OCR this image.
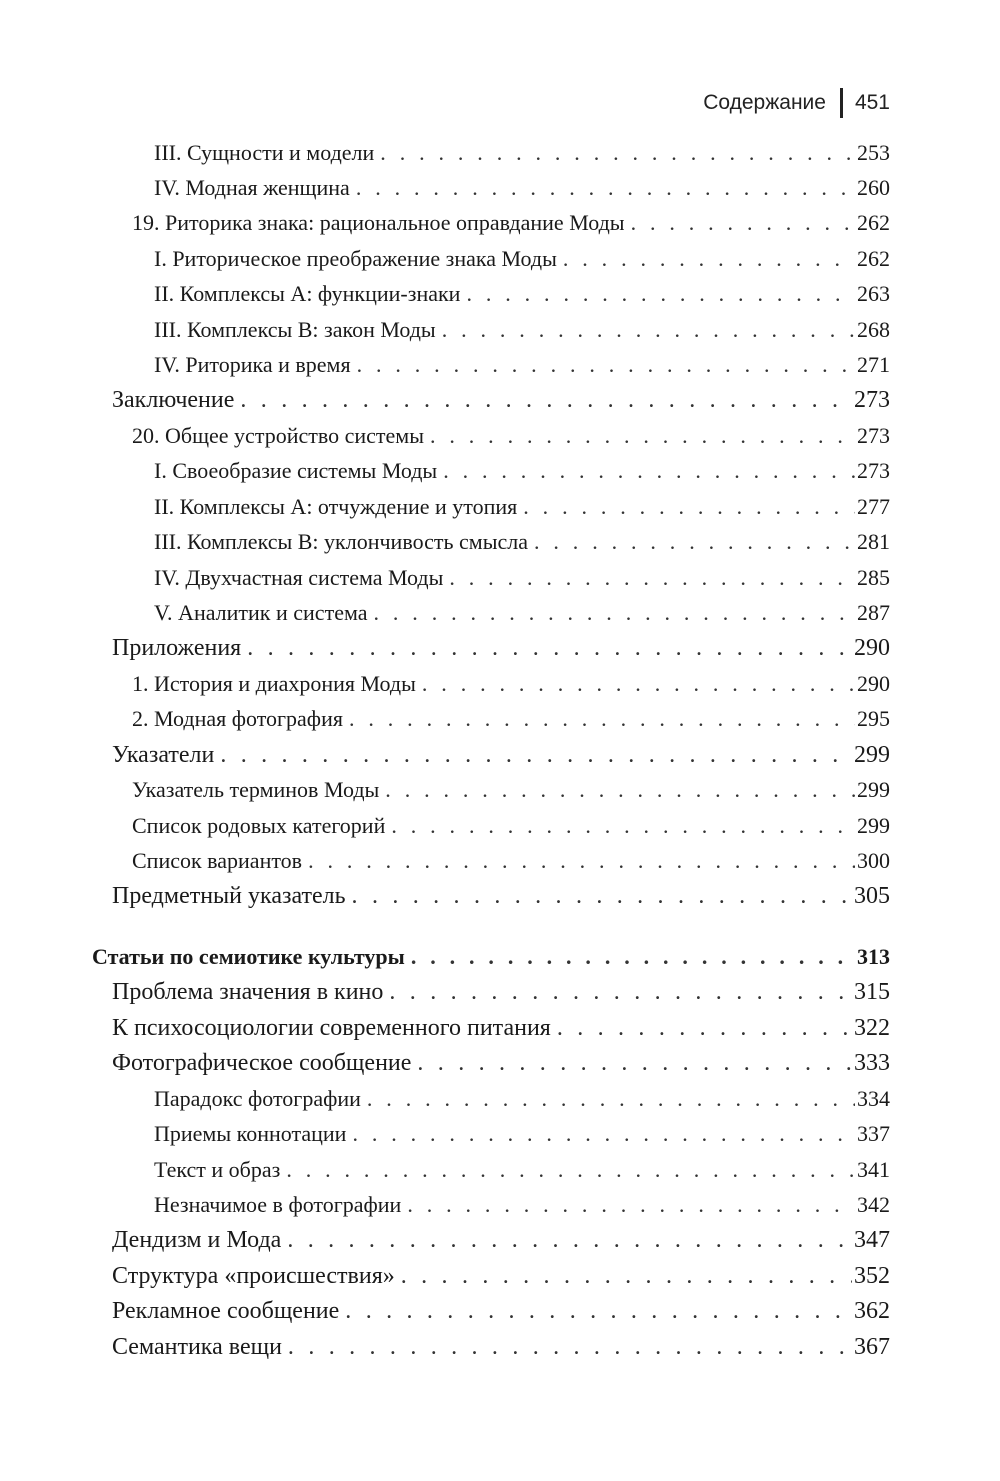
Содержание 451
III. Сущности и модели . . .	253
IV. Модная женщина . . .	260
19. Риторика знака: рациональное оправдание Моды . . .	262
I. Риторическое преображение знака Моды . . .	262
II. Комплексы A: функции-знаки . . .	263
III. Комплексы B: закон Моды . . .	268
IV. Риторика и время . . .	271
Заключение . . .	273
20. Общее устройство системы . . .	273
I. Своеобразие системы Моды . . .	273
II. Комплексы A: отчуждение и утопия . . .	277
III. Комплексы B: уклончивость смысла . . .	281
IV. Двухчастная система Моды . . .	285
V. Аналитик и система . . .	287
Приложения . . .	290
1. История и диахрония Моды . . .	290
2. Модная фотография . . .	295
Указатели . . .	299
Указатель терминов Моды . . .	299
Список родовых категорий . . .	299
Список вариантов . . .	300
Предметный указатель . . .	305
Статьи по семиотике культуры . . .	313
Проблема значения в кино . . .	315
К психосоциологии современного питания . . .	322
Фотографическое сообщение . . .	333
Парадокс фотографии . . .	334
Приемы коннотации . . .	337
Текст и образ . . .	341
Незначимое в фотографии . . .	342
Дендизм и Мода . . .	347
Структура «происшествия» . . .	352
Рекламное сообщение . . .	362
Семантика вещи . . .	367
